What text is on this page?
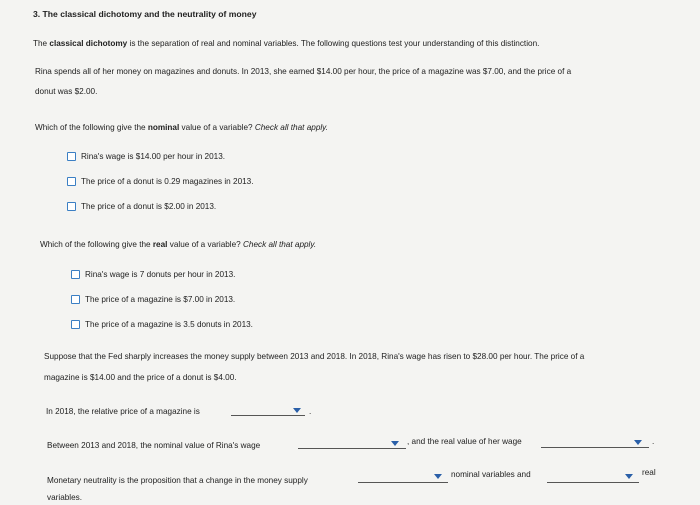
3. The classical dichotomy and the neutrality of money
The classical dichotomy is the separation of real and nominal variables. The following questions test your understanding of this distinction.
Rina spends all of her money on magazines and donuts. In 2013, she earned $14.00 per hour, the price of a magazine was $7.00, and the price of a
donut was $2.00.
Which of the following give the nominal value of a variable? Check all that apply.
Rina's wage is $14.00 per hour in 2013.
The price of a donut is 0.29 magazines in 2013.
The price of a donut is $2.00 in 2013.
Which of the following give the real value of a variable? Check all that apply.
Rina's wage is 7 donuts per hour in 2013.
The price of a magazine is $7.00 in 2013.
The price of a magazine is 3.5 donuts in 2013.
Suppose that the Fed sharply increases the money supply between 2013 and 2018. In 2018, Rina's wage has risen to $28.00 per hour. The price of a
magazine is $14.00 and the price of a donut is $4.00.
In 2018, the relative price of a magazine is	.
Between 2013 and 2018, the nominal value of Rina's wage	, and the real value of her wage	.
Monetary neutrality is the proposition that a change in the money supply
nominal variables and	real
variables.
